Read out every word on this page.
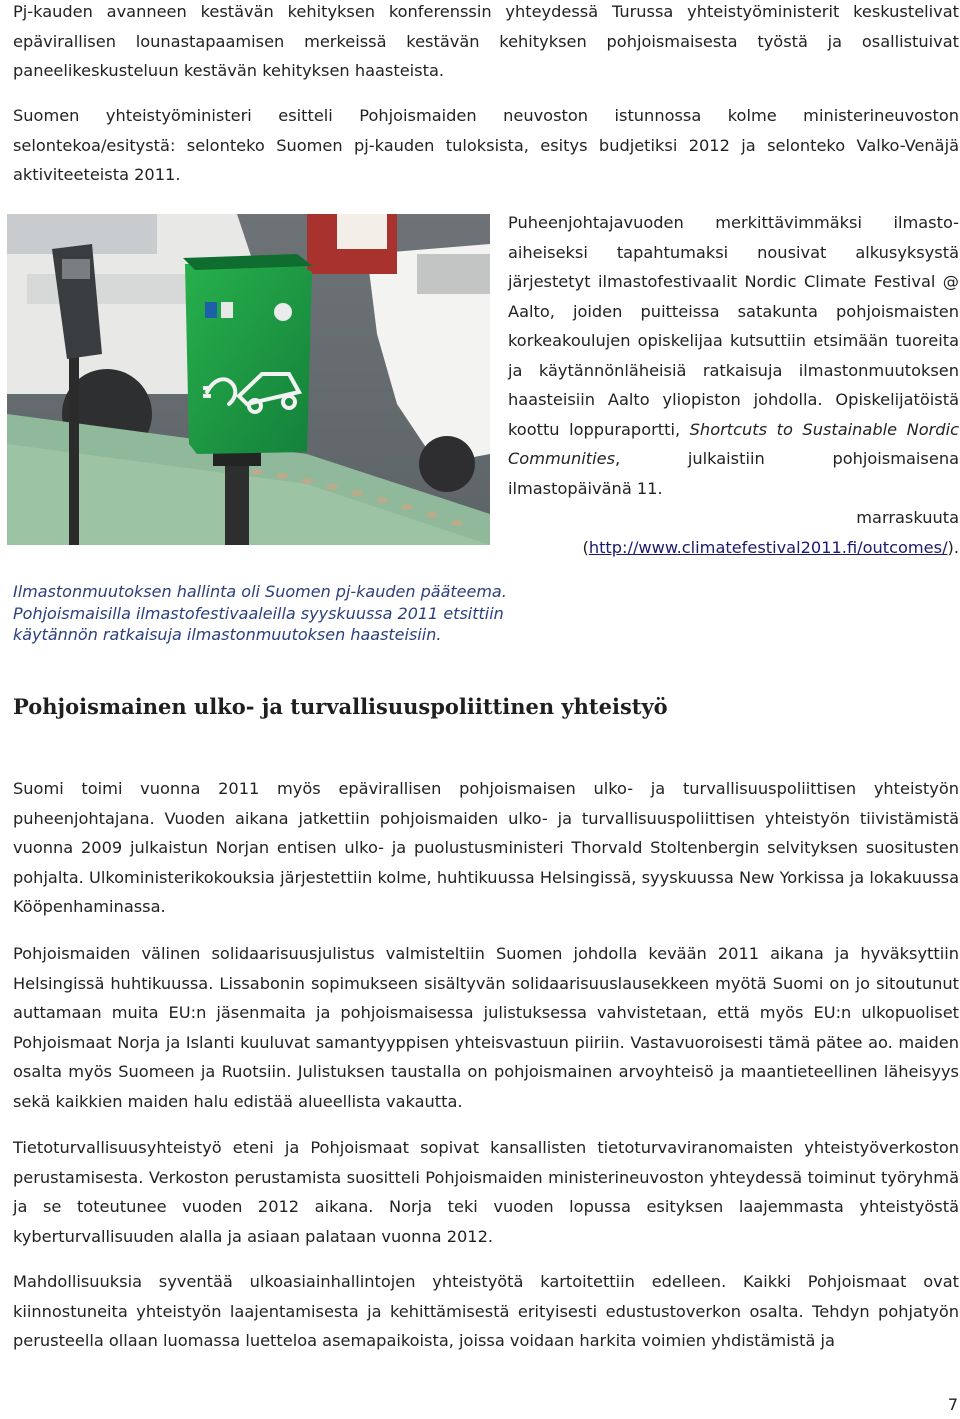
Pj-kauden avanneen kestävän kehityksen konferenssin yhteydessä Turussa yhteistyöministerit keskustelivat epävirallisen lounastapaamisen merkeissä kestävän kehityksen pohjoismaisesta työstä ja osallistuivat paneelikeskusteluun kestävän kehityksen haasteista.

Suomen yhteistyöministeri esitteli Pohjoismaiden neuvoston istunnossa kolme ministerineuvoston selontekoa/esitystä: selonteko Suomen pj-kauden tuloksista, esitys budjetiksi 2012 ja selonteko Valko-Venäjä aktiviteeteista 2011.

Puheenjohtajavuoden merkittävimmäksi ilmasto-aiheiseksi tapahtumaksi nousivat alkusyksystä järjestetyt ilmastofestivaalit Nordic Climate Festival @ Aalto, joiden puitteissa satakunta pohjoismaisten korkeakoulujen opiskelijaa kutsuttiin etsimään tuoreita ja käytännönläheisiä ratkaisuja ilmastonmuutoksen haasteisiin Aalto yliopiston johdolla. Opiskelijatöistä koottu loppuraportti, Shortcuts to Sustainable Nordic Communities, julkaistiin pohjoismaisena ilmastopäivänä 11.

marraskuuta

(http://www.climatefestival2011.fi/outcomes/).

Ilmastonmuutoksen hallinta oli Suomen pj-kauden pääteema. Pohjoismaisilla ilmastofestivaaleilla syyskuussa 2011 etsittiin käytännön ratkaisuja ilmastonmuutoksen haasteisiin.
Pohjoismainen ulko- ja turvallisuuspoliittinen yhteistyö

Suomi toimi vuonna 2011 myös epävirallisen pohjoismaisen ulko- ja turvallisuuspoliittisen yhteistyön puheenjohtajana. Vuoden aikana jatkettiin pohjoismaiden ulko- ja turvallisuuspoliittisen yhteistyön tiivistämistä vuonna 2009 julkaistun Norjan entisen ulko- ja puolustusministeri Thorvald Stoltenbergin selvityksen suositusten pohjalta. Ulkoministerikokouksia järjestettiin kolme, huhtikuussa Helsingissä, syyskuussa New Yorkissa ja lokakuussa Kööpenhaminassa.

Pohjoismaiden välinen solidaarisuusjulistus valmisteltiin Suomen johdolla kevään 2011 aikana ja hyväksyttiin Helsingissä huhtikuussa. Lissabonin sopimukseen sisältyvän solidaarisuuslausekkeen myötä Suomi on jo sitoutunut auttamaan muita EU:n jäsenmaita ja pohjoismaisessa julistuksessa vahvistetaan, että myös EU:n ulkopuoliset Pohjoismaat Norja ja Islanti kuuluvat samantyyppisen yhteisvastuun piiriin. Vastavuoroisesti tämä pätee ao. maiden osalta myös Suomeen ja Ruotsiin. Julistuksen taustalla on pohjoismainen arvoyhteisö ja maantieteellinen läheisyys sekä kaikkien maiden halu edistää alueellista vakautta.

Tietoturvallisuusyhteistyö eteni ja Pohjoismaat sopivat kansallisten tietoturvaviranomaisten yhteistyöverkoston perustamisesta. Verkoston perustamista suositteli Pohjoismaiden ministerineuvoston yhteydessä toiminut työryhmä ja se toteutunee vuoden 2012 aikana. Norja teki vuoden lopussa esityksen laajemmasta yhteistyöstä kyberturvallisuuden alalla ja asiaan palataan vuonna 2012.

Mahdollisuuksia syventää ulkoasiainhallintojen yhteistyötä kartoitettiin edelleen. Kaikki Pohjoismaat ovat kiinnostuneita yhteistyön laajentamisesta ja kehittämisestä erityisesti edustustoverkon osalta. Tehdyn pohjatyön perusteella ollaan luomassa luetteloa asemapaikoista, joissa voidaan harkita voimien yhdistämistä ja

7
